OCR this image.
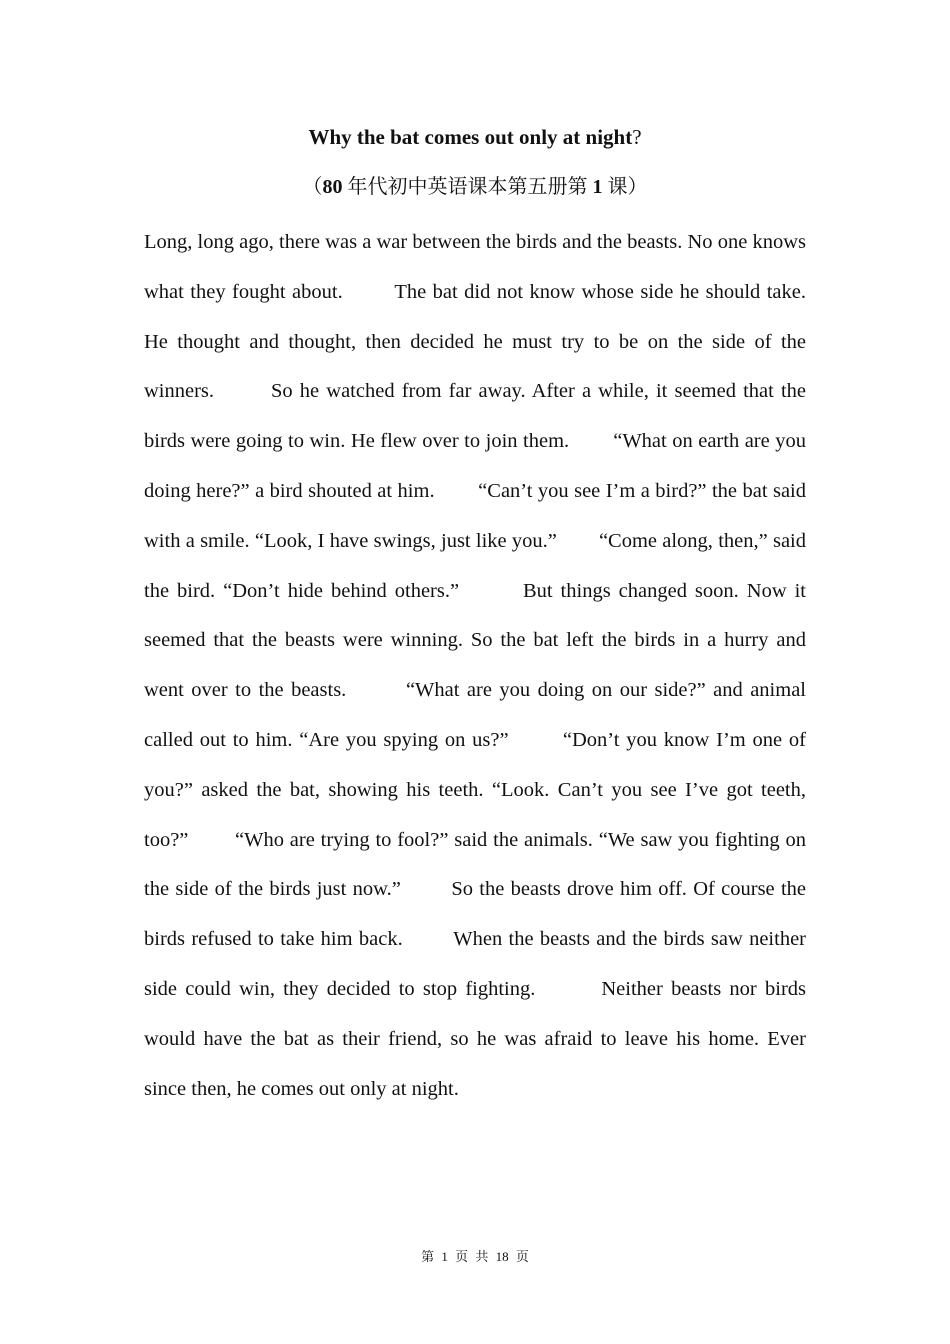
Why the bat comes out only at night?
（80 年代初中英语课本第五册第 1 课）

Long, long ago, there was a war between the birds and the beasts. No one knows what they fought about.        The bat did not know whose side he should take. He thought and thought, then decided he must try to be on the side of the winners.        So he watched from far away. After a while, it seemed that the birds were going to win. He flew over to join them.        “What on earth are you doing here?” a bird shouted at him.        “Can’t you see I’m a bird?” the bat said with a smile. “Look, I have swings, just like you.”        “Come along, then,” said the bird. “Don’t hide behind others.”        But things changed soon. Now it seemed that the beasts were winning. So the bat left the birds in a hurry and went over to the beasts.        “What are you doing on our side?” and animal called out to him. “Are you spying on us?”        “Don’t you know I’m one of you?” asked the bat, showing his teeth. “Look. Can’t you see I’ve got teeth, too?”        “Who are trying to fool?” said the animals. “We saw you fighting on the side of the birds just now.”        So the beasts drove him off. Of course the birds refused to take him back.        When the beasts and the birds saw neither side could win, they decided to stop fighting.        Neither beasts nor birds would have the bat as their friend, so he was afraid to leave his home. Ever since then, he comes out only at night.

第 1 页 共 18 页
